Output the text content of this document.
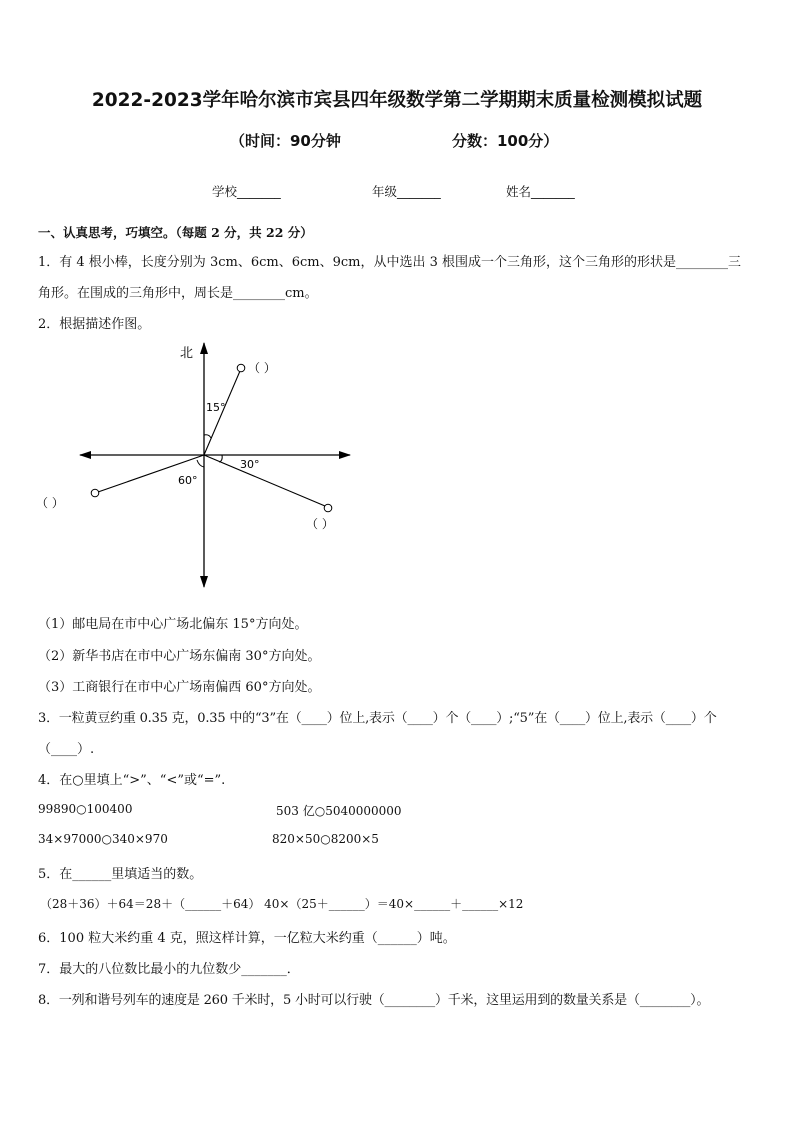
2022-2023学年哈尔滨市宾县四年级数学第二学期期末质量检测模拟试题
（时间：90分钟	分数：100分）
学校_______	年级_______	姓名_______
一、认真思考，巧填空。（每题 2 分，共 22 分）
1．有 4 根小棒，长度分别为 3cm、6cm、6cm、9cm，从中选出 3 根围成一个三角形，这个三角形的形状是________三
角形。在围成的三角形中，周长是________cm。
2．根据描述作图。
北
15°
30°
60°
（ ）
（ ）
（ ）
（1）邮电局在市中心广场北偏东 15°方向处。
（2）新华书店在市中心广场东偏南 30°方向处。
（3）工商银行在市中心广场南偏西 60°方向处。
3．一粒黄豆约重 0.35 克，0.35 中的“3”在（____）位上,表示（____）个（____）;“5”在（____）位上,表示（____）个
（____）.
4．在○里填上“>”、“<”或“=”.
99890○100400	503 亿○5040000000
34×97000○340×970	820×50○8200×5
5．在______里填适当的数。
（28＋36）＋64＝28＋（______＋64） 40×（25＋______）＝40×______＋______×12
6．100 粒大米约重 4 克，照这样计算，一亿粒大米约重（______）吨。
7．最大的八位数比最小的九位数少_______．
8．一列和谐号列车的速度是 260 千米时，5 小时可以行驶（________）千米，这里运用到的数量关系是（________）。
